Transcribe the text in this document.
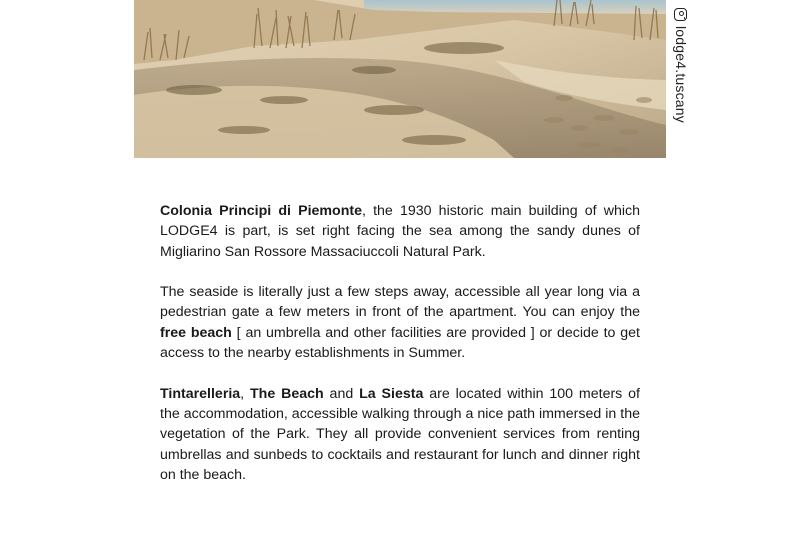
lodge4.tuscany

Colonia Principi di Piemonte, the 1930 historic main building of which LODGE4 is part, is set right facing the sea among the sandy dunes of Migliarino San Rossore Massaciuccoli Natural Park.

The seaside is literally just a few steps away, accessible all year long via a pedestrian gate a few meters in front of the apartment. You can enjoy the free beach [ an umbrella and other facilities are provided ] or decide to get access to the nearby establishments in Summer.

Tintarelleria, The Beach and La Siesta are located within 100 meters of the accommodation, accessible walking through a nice path immersed in the vegetation of the Park. They all provide convenient services from renting umbrellas and sunbeds to cocktails and restaurant for lunch and dinner right on the beach.
